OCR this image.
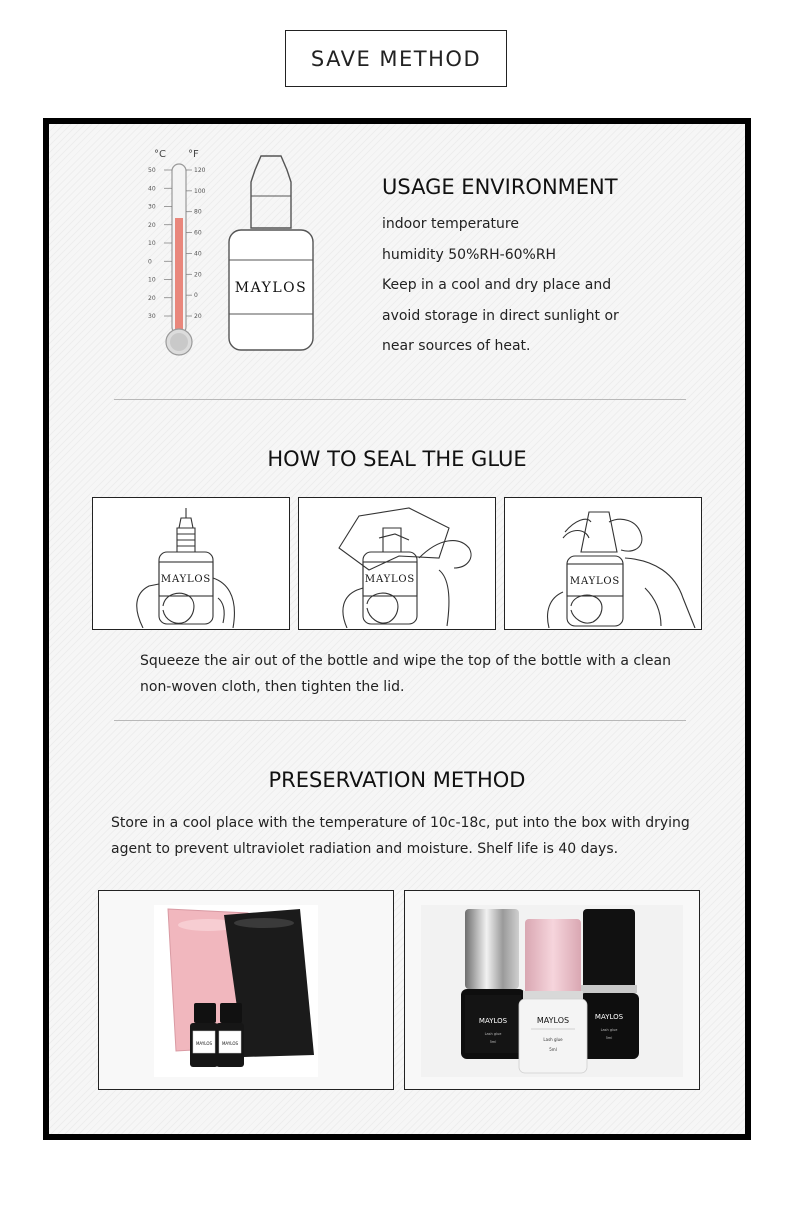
SAVE METHOD
°C °F
50
40
30
20
10
0
10
20
30
120
100
80
60
40
20
0
20
MAYLOS
USAGE ENVIRONMENT
indoor temperature
humidity 50%RH-60%RH
Keep in a cool and dry place and
avoid storage in direct sunlight or
near sources of heat.
HOW TO SEAL THE GLUE
MAYLOS	MAYLOS	MAYLOS
Squeeze the air out of the bottle and wipe the top of the bottle with a clean
non-woven cloth, then tighten the lid.
PRESERVATION METHOD
Store in a cool place with the temperature of 10c-18c, put into the box with drying
agent to prevent ultraviolet radiation and moisture. Shelf life is 40 days.
MAYLOS MAYLOS
MAYLOS
Lash glue
5ml
MAYLOS
Lash glue
5ml
MAYLOS
Lash glue
5ml
